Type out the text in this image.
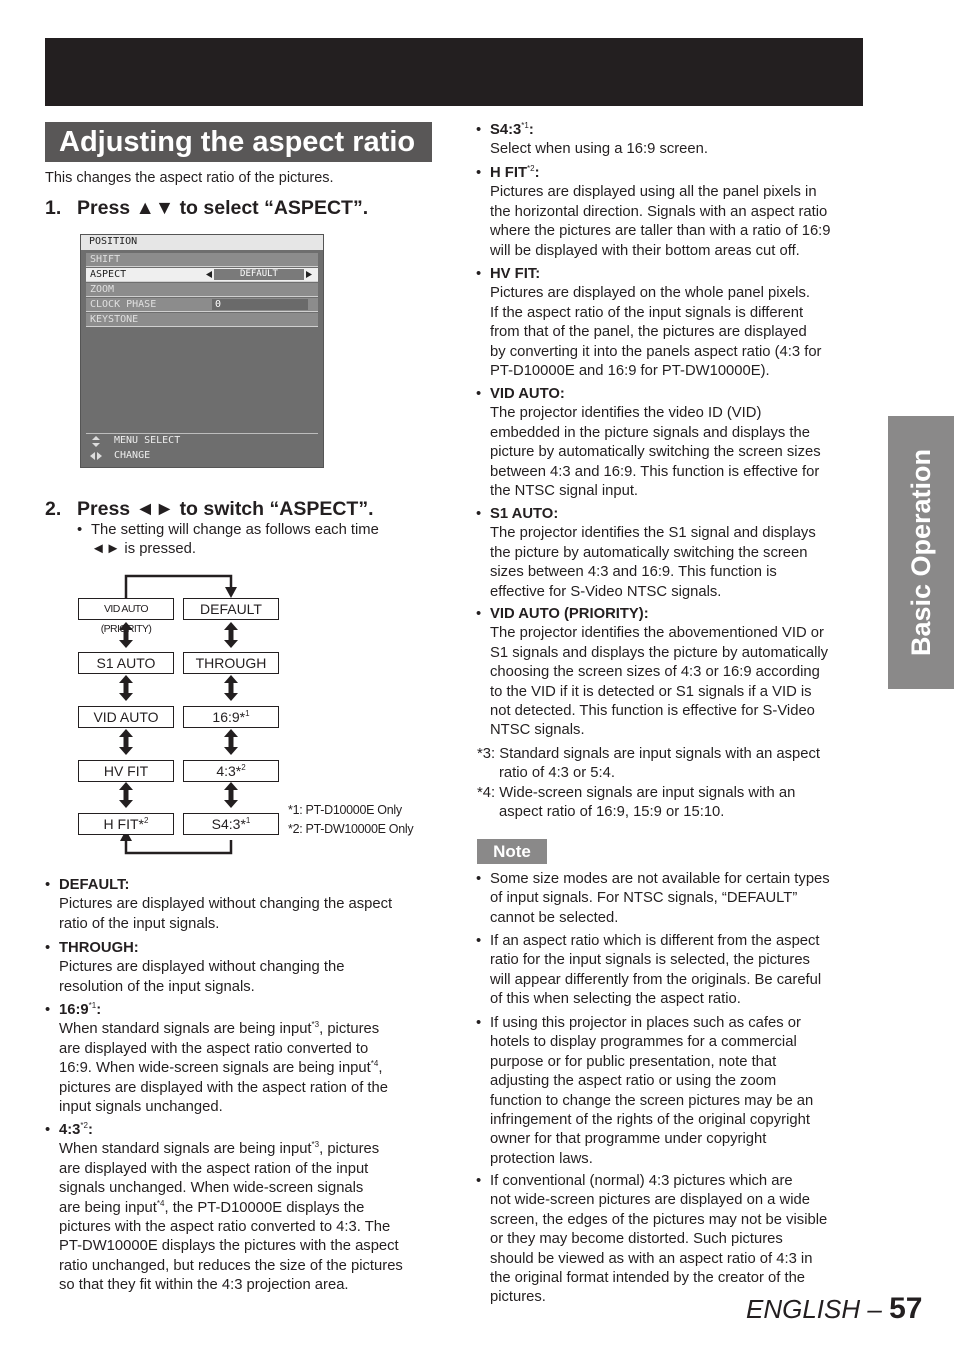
Adjusting the aspect ratio
This changes the aspect ratio of the pictures.
1. Press ▲▼ to select “ASPECT”.
POSITION
SHIFT
ASPECT	DEFAULT
ZOOM
CLOCK PHASE	0
KEYSTONE
MENU SELECT
CHANGE
2. Press ◄► to switch “ASPECT”.
• The setting will change as follows each time
◄► is pressed.
VID AUTO (PRIORITY)
S1 AUTO
VID AUTO
HV FIT
H FIT*$^2$
DEFAULT
THROUGH
16:9*$^1$
4:3*$^2$
S4:3*$^1$
*1: PT-D10000E Only
*2: PT-DW10000E Only
• DEFAULT:
Pictures are displayed without changing the aspect
ratio of the input signals.
• THROUGH:
Pictures are displayed without changing the
resolution of the input signals.
• 16:9$^{*1}$:
When standard signals are being input$^{*3}$, pictures
are displayed with the aspect ratio converted to
16:9. When wide-screen signals are being input$^{*4}$,
pictures are displayed with the aspect ration of the
input signals unchanged.
• 4:3$^{*2}$:
When standard signals are being input$^{*3}$, pictures
are displayed with the aspect ration of the input
signals unchanged. When wide-screen signals
are being input$^{*4}$, the PT-D10000E displays the
pictures with the aspect ratio converted to 4:3. The
PT-DW10000E displays the pictures with the aspect
ratio unchanged, but reduces the size of the pictures
so that they fit within the 4:3 projection area.
• S4:3$^{*1}$:
Select when using a 16:9 screen.
• H FIT$^{*2}$:
Pictures are displayed using all the panel pixels in
the horizontal direction. Signals with an aspect ratio
where the pictures are taller than with a ratio of 16:9
will be displayed with their bottom areas cut off.
• HV FIT:
Pictures are displayed on the whole panel pixels.
If the aspect ratio of the input signals is different
from that of the panel, the pictures are displayed
by converting it into the panels aspect ratio (4:3 for
PT-D10000E and 16:9 for PT-DW10000E).
• VID AUTO:
The projector identifies the video ID (VID)
embedded in the picture signals and displays the
picture by automatically switching the screen sizes
between 4:3 and 16:9. This function is effective for
the NTSC signal input.
• S1 AUTO:
The projector identifies the S1 signal and displays
the picture by automatically switching the screen
sizes between 4:3 and 16:9. This function is
effective for S-Video NTSC signals.
• VID AUTO (PRIORITY):
The projector identifies the abovementioned VID or
S1 signals and displays the picture by automatically
choosing the screen sizes of 4:3 or 16:9 according
to the VID if it is detected or S1 signals if a VID is
not detected. This function is effective for S-Video
NTSC signals.
*3: Standard signals are input signals with an aspect
ratio of 4:3 or 5:4.
*4: Wide-screen signals are input signals with an
aspect ratio of 16:9, 15:9 or 15:10.
Note
• Some size modes are not available for certain types
of input signals. For NTSC signals, “DEFAULT”
cannot be selected.
• If an aspect ratio which is different from the aspect
ratio for the input signals is selected, the pictures
will appear differently from the originals. Be careful
of this when selecting the aspect ratio.
• If using this projector in places such as cafes or
hotels to display programmes for a commercial
purpose or for public presentation, note that
adjusting the aspect ratio or using the zoom
function to change the screen pictures may be an
infringement of the rights of the original copyright
owner for that programme under copyright
protection laws.
• If conventional (normal) 4:3 pictures which are
not wide-screen pictures are displayed on a wide
screen, the edges of the pictures may not be visible
or they may become distorted. Such pictures
should be viewed as with an aspect ratio of 4:3 in
the original format intended by the creator of the
pictures.
Basic Operation
ENGLISH – 57
